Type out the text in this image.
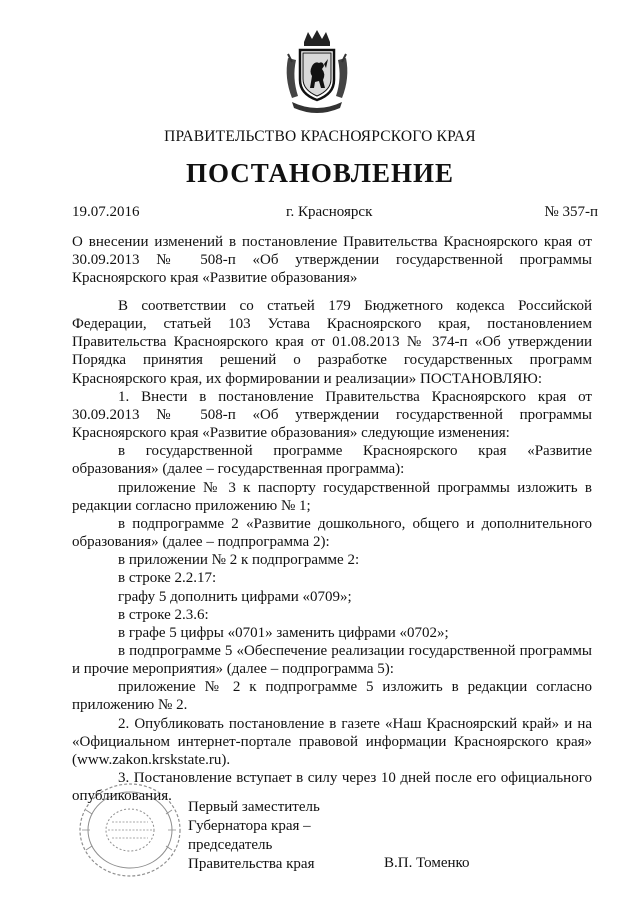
ПРАВИТЕЛЬСТВО КРАСНОЯРСКОГО КРАЯ
ПОСТАНОВЛЕНИЕ
19.07.2016	г. Красноярск	№ 357-п
О внесении изменений в постановление Правительства Красноярского края от 30.09.2013 № 508-п «Об утверждении государственной программы Красноярского края «Развитие образования»

В соответствии со статьей 179 Бюджетного кодекса Российской Федерации, статьей 103 Устава Красноярского края, постановлением Правительства Красноярского края от 01.08.2013 № 374-п «Об утверждении Порядка принятия решений о разработке государственных программ Красноярского края, их формировании и реализации» ПОСТАНОВЛЯЮ:

1. Внести в постановление Правительства Красноярского края от 30.09.2013 № 508-п «Об утверждении государственной программы Красноярского края «Развитие образования» следующие изменения:

в государственной программе Красноярского края «Развитие образования» (далее – государственная программа):

приложение № 3 к паспорту государственной программы изложить в редакции согласно приложению № 1;

в подпрограмме 2 «Развитие дошкольного, общего и дополнительного образования» (далее – подпрограмма 2):

в приложении № 2 к подпрограмме 2:

в строке 2.2.17:

графу 5 дополнить цифрами «0709»;

в строке 2.3.6:

в графе 5 цифры «0701» заменить цифрами «0702»;

в подпрограмме 5 «Обеспечение реализации государственной программы и прочие мероприятия» (далее – подпрограмма 5):

приложение № 2 к подпрограмме 5 изложить в редакции согласно приложению № 2.

2. Опубликовать постановление в газете «Наш Красноярский край» и на «Официальном интернет-портале правовой информации Красноярского края» (www.zakon.krskstate.ru).

3. Постановление вступает в силу через 10 дней после его официального опубликования.

Первый заместитель
Губернатора края –
председатель
Правительства края	В.П. Томенко
